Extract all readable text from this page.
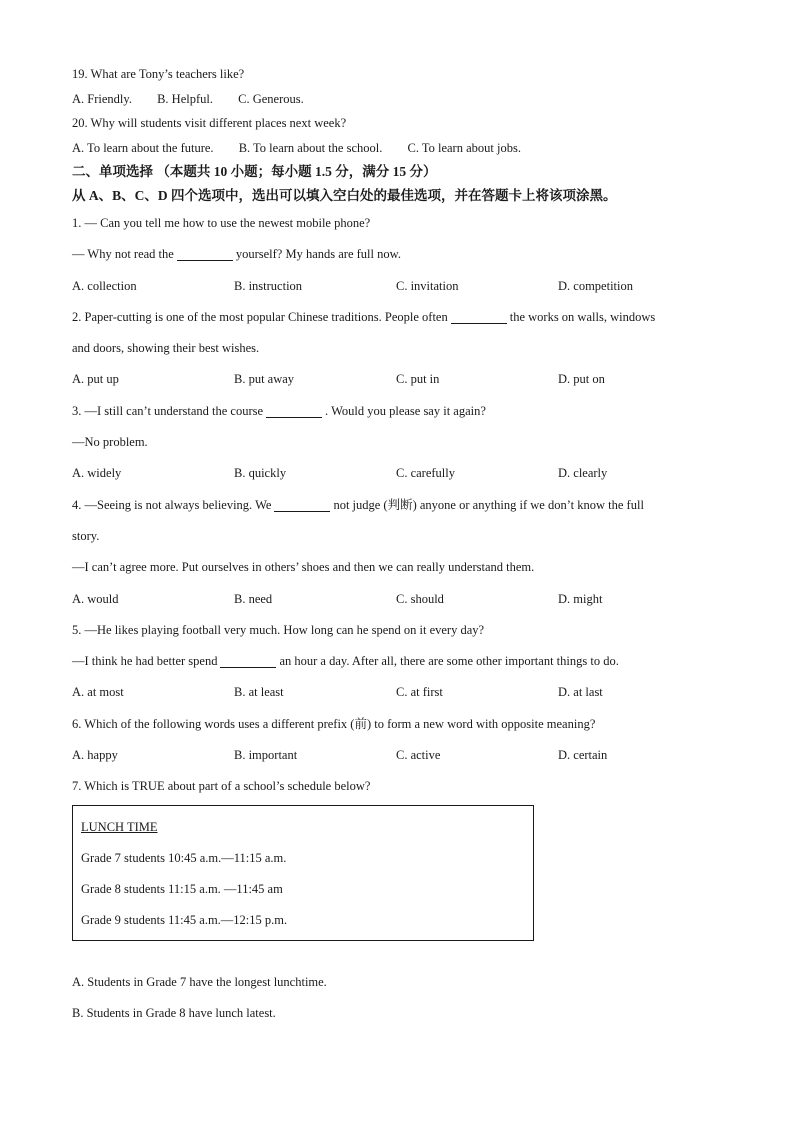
19. What are Tony’s teachers like?
A. Friendly. B. Helpful. C. Generous.
20. Why will students visit different places next week?
A. To learn about the future. B. To learn about the school. C. To learn about jobs.
二、单项选择 （本题共 10 小题；每小题 1.5 分，满分 15 分）
从 A、B、C、D 四个选项中，选出可以填入空白处的最佳选项，并在答题卡上将该项涂黑。
1. — Can you tell me how to use the newest mobile phone?
— Why not read the	yourself? My hands are full now.
A. collection	B. instruction	C. invitation	D. competition
2. Paper-cutting is one of the most popular Chinese traditions. People often	the works on walls, windows
and doors, showing their best wishes.
A. put up	B. put away	C. put in	D. put on
3. —I still can’t understand the course	. Would you please say it again?
—No problem.
A. widely	B. quickly	C. carefully	D. clearly
4. —Seeing is not always believing. We	not judge (判断) anyone or anything if we don’t know the full
story.
—I can’t agree more. Put ourselves in others’ shoes and then we can really understand them.
A. would	B. need	C. should	D. might
5. —He likes playing football very much. How long can he spend on it every day?
—I think he had better spend	an hour a day. After all, there are some other important things to do.
A. at most	B. at least	C. at first	D. at last
6. Which of the following words uses a different prefix (前) to form a new word with opposite meaning?
A. happy	B. important	C. active	D. certain
7. Which is TRUE about part of a school’s schedule below?
LUNCH TIME
Grade 7 students 10:45 a.m.—11:15 a.m.
Grade 8 students 11:15 a.m. —11:45 am
Grade 9 students 11:45 a.m.—12:15 p.m.
A. Students in Grade 7 have the longest lunchtime.
B. Students in Grade 8 have lunch latest.
